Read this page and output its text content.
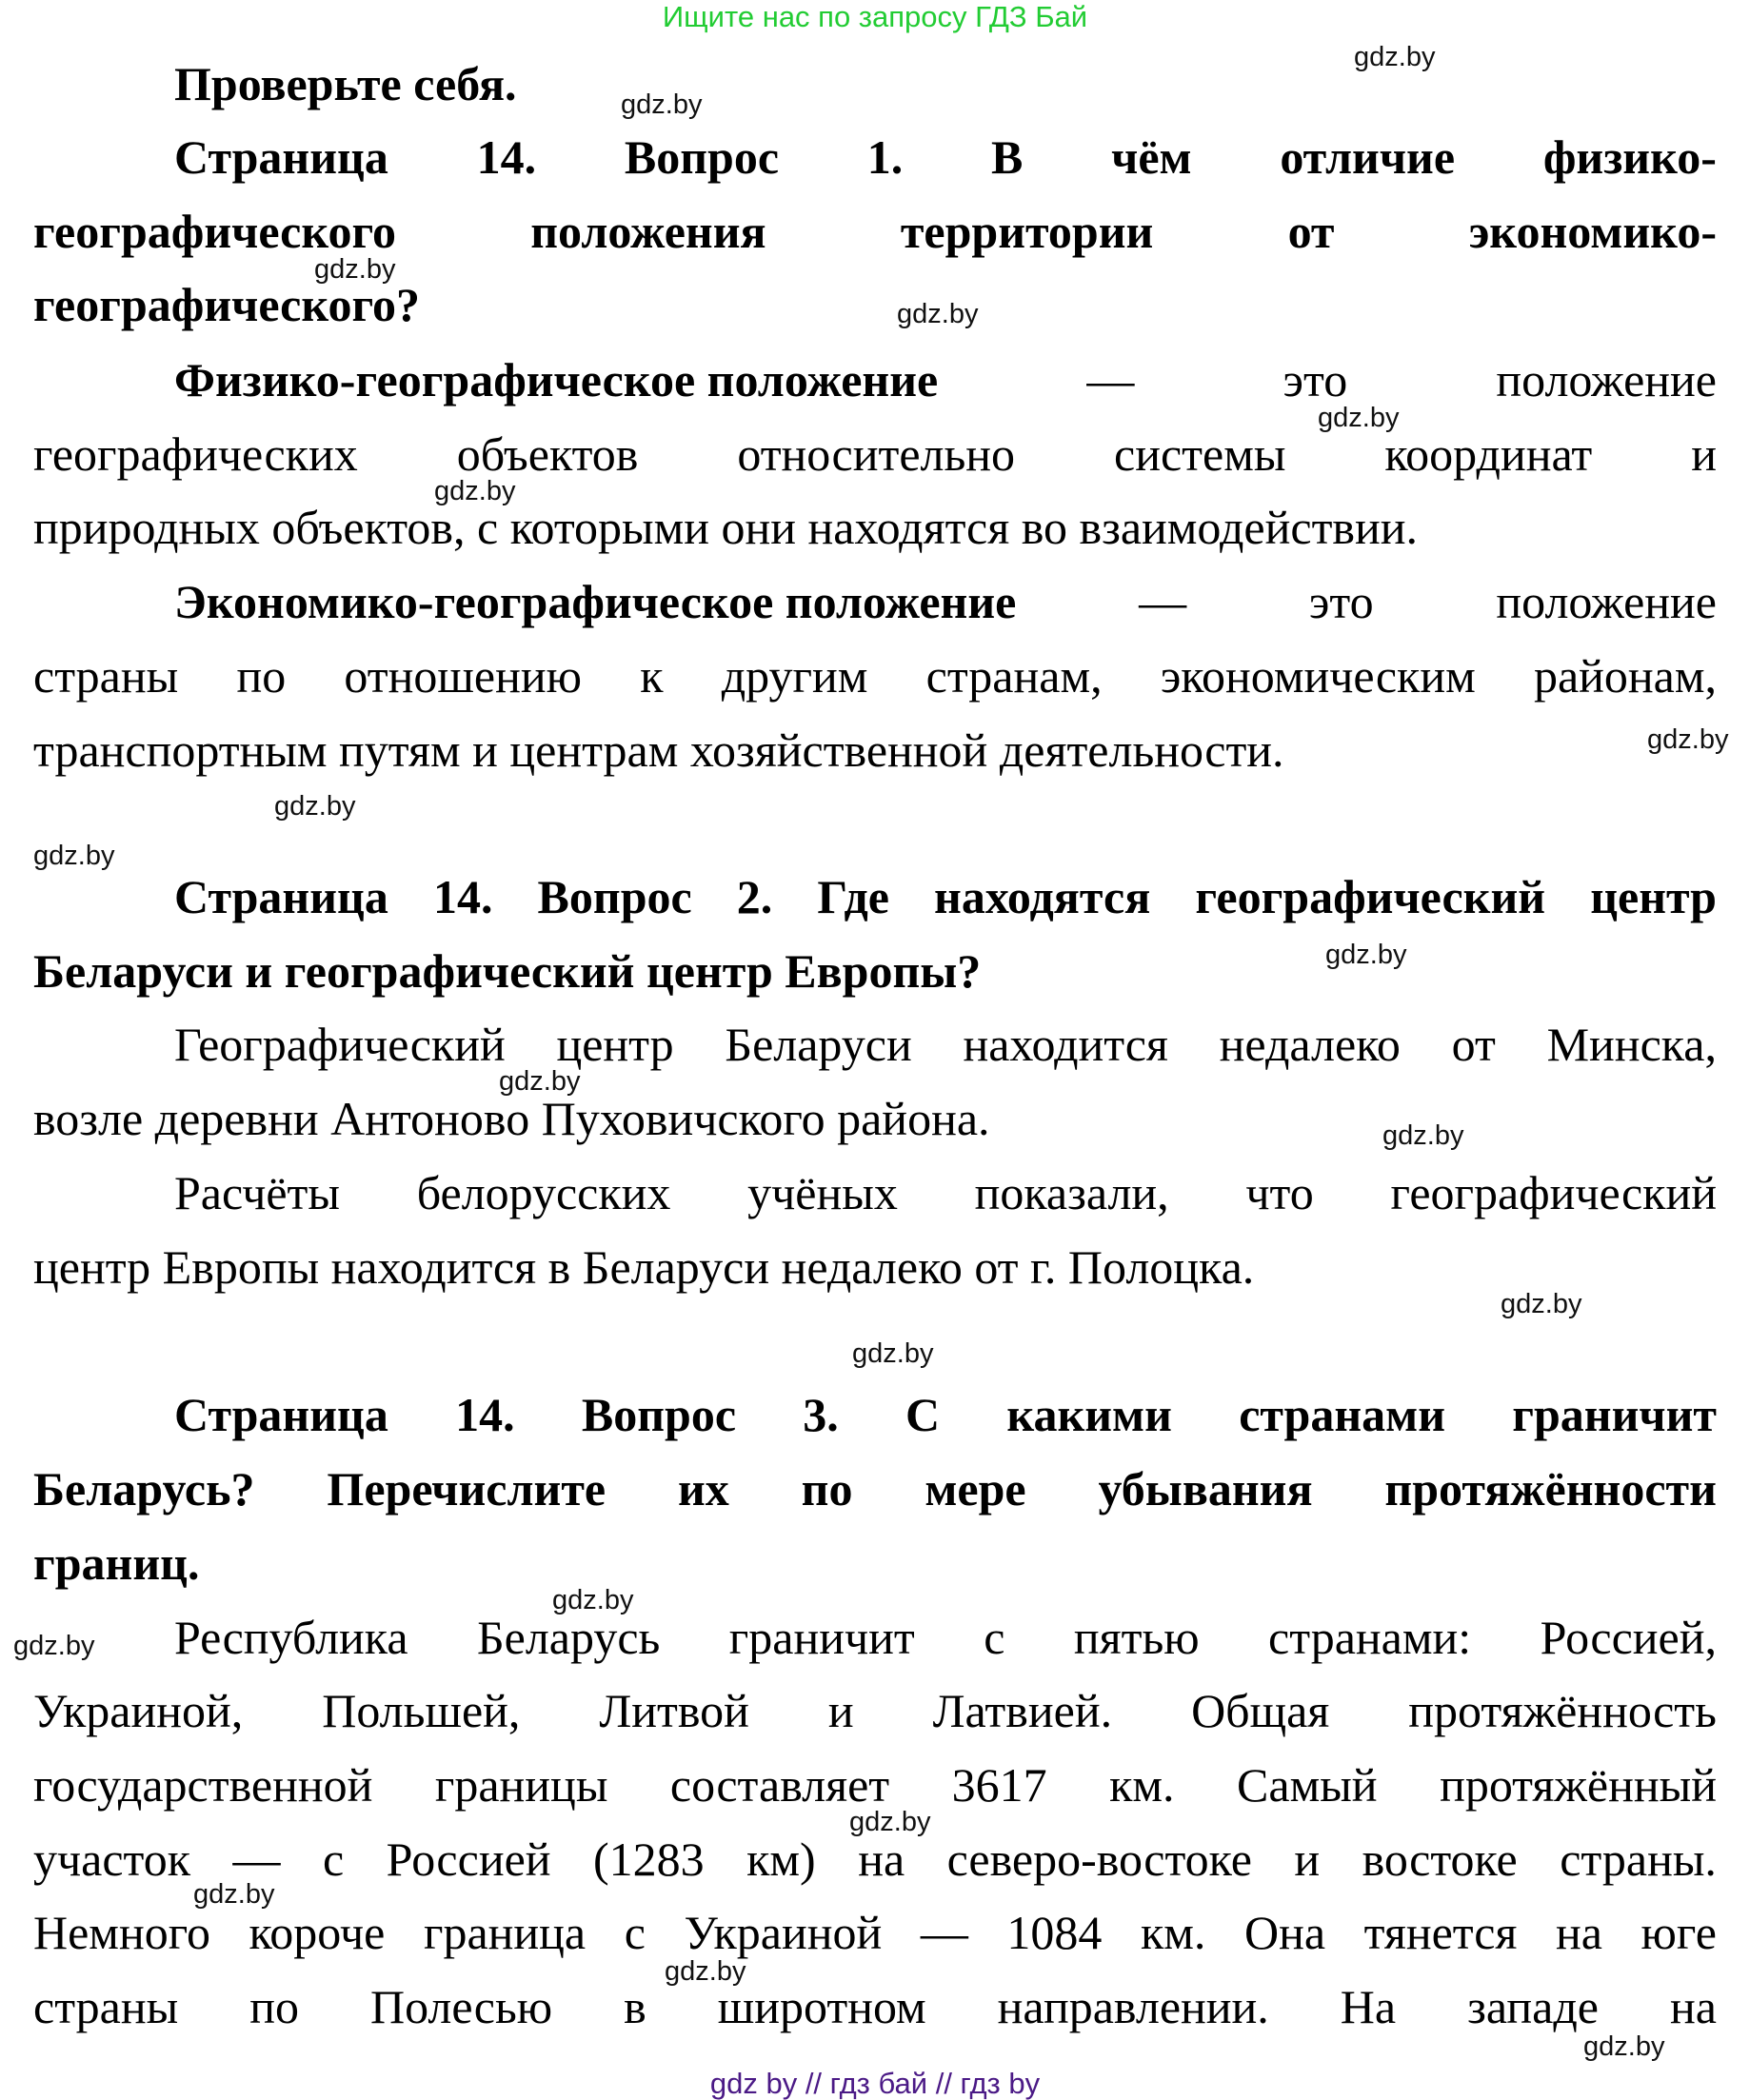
Ищите нас по запросу ГДЗ Бай
Проверьте себя.
Страница 14. Вопрос 1. В чём отличие физико-
географического	положения	территории	от	экономико-
географического?
Физико-географическое положение	—	это	положение
географических объектов относительно системы координат и
природных объектов, с которыми они находятся во взаимодействии.
Экономико-географическое положение	—	это	положение
страны по отношению к другим странам, экономическим районам,
транспортным путям и центрам хозяйственной деятельности.
Страница 14. Вопрос 2. Где находятся географический центр
Беларуси и географический центр Европы?
Географический центр Беларуси находится недалеко от Минска,
возле деревни Антоново Пуховичского района.
Расчёты белорусских учёных показали, что географический
центр Европы находится в Беларуси недалеко от г. Полоцка.
Страница 14. Вопрос 3. С какими странами граничит
Беларусь? Перечислите их по мере убывания протяжённости
границ.
Республика Беларусь граничит с пятью странами: Россией,
Украиной, Польшей, Литвой и Латвией. Общая протяжённость
государственной границы составляет 3617 км. Самый протяжённый
участок — с Россией (1283 км) на северо-востоке и востоке страны.
Немного короче граница с Украиной — 1084 км. Она тянется на юге
страны по Полесью в широтном направлении. На западе на
gdz.by
gdz.by
gdz.by
gdz.by
gdz.by
gdz.by
gdz.by
gdz.by
gdz.by
gdz.by
gdz.by
gdz.by
gdz.by
gdz.by
gdz.by
gdz.by
gdz.by
gdz.by
gdz.by
gdz.by
gdz by // гдз бай // гдз by
